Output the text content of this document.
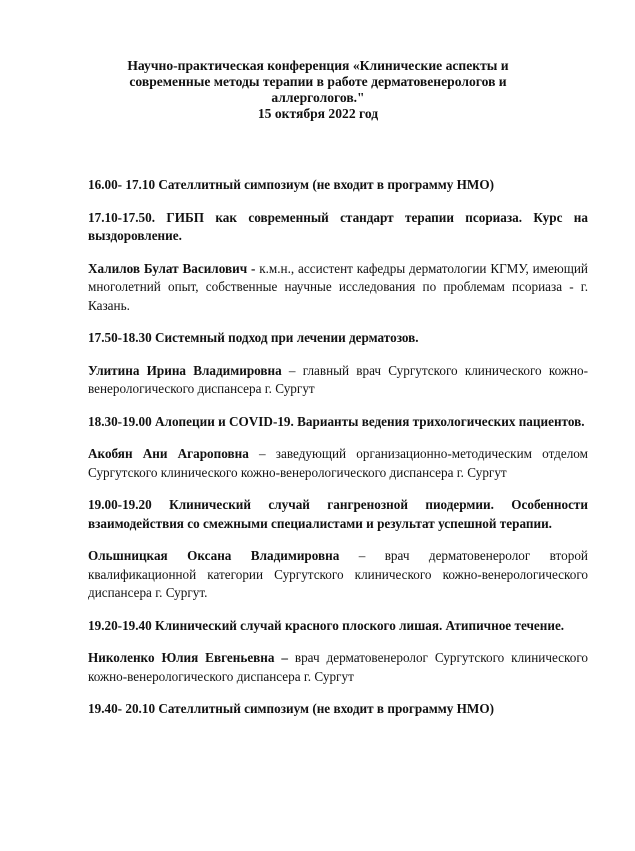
Научно-практическая конференция «Клинические аспекты и
современные методы терапии в работе дерматовенерологов и
аллергологов."
15 октября 2022 год

16.00- 17.10 Сателлитный симпозиум (не входит в программу НМО)

17.10-17.50. ГИБП как современный стандарт терапии псориаза. Курс на выздоровление.

Халилов Булат Василович - к.м.н., ассистент кафедры дерматологии КГМУ, имеющий многолетний опыт, собственные научные исследования по проблемам псориаза - г. Казань.

17.50-18.30 Системный подход при лечении дерматозов.

Улитина Ирина Владимировна – главный врач Сургутского клинического кожно-венерологического диспансера г. Сургут

18.30-19.00 Алопеции и COVID-19. Варианты ведения трихологических пациентов.

Акобян Ани Агароповна – заведующий организационно-методическим отделом Сургутского клинического кожно-венерологического диспансера г. Сургут

19.00-19.20 Клинический случай гангренозной пиодермии. Особенности взаимодействия со смежными специалистами и результат успешной терапии.

Ольшницкая Оксана Владимировна – врач дерматовенеролог второй квалификационной категории Сургутского клинического кожно-венерологического диспансера г. Сургут.

19.20-19.40 Клинический случай красного плоского лишая. Атипичное течение.

Николенко Юлия Евгеньевна – врач дерматовенеролог Сургутского клинического кожно-венерологического диспансера г. Сургут

19.40- 20.10 Сателлитный симпозиум (не входит в программу НМО)
